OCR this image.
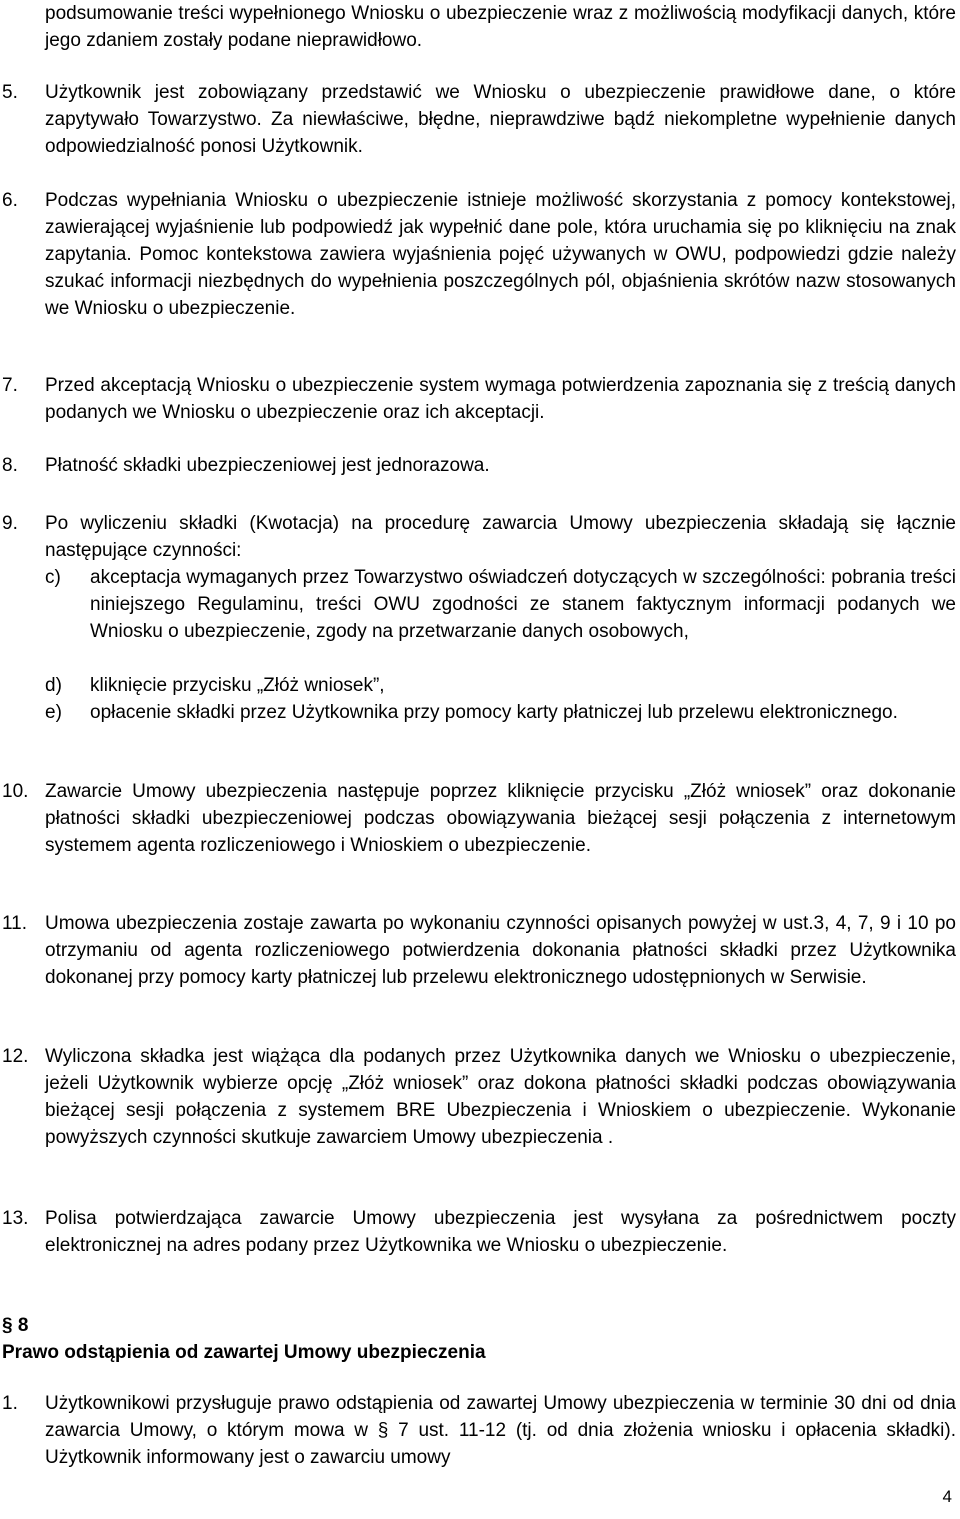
podsumowanie treści wypełnionego Wniosku o ubezpieczenie wraz z możliwością modyfikacji danych, które jego zdaniem zostały podane nieprawidłowo.
5. Użytkownik jest zobowiązany przedstawić we Wniosku o ubezpieczenie prawidłowe dane, o które zapytywało Towarzystwo. Za niewłaściwe, błędne, nieprawdziwe bądź niekompletne wypełnienie danych odpowiedzialność ponosi Użytkownik.
6. Podczas wypełniania Wniosku o ubezpieczenie istnieje możliwość skorzystania z pomocy kontekstowej, zawierającej wyjaśnienie lub podpowiedź jak wypełnić dane pole, która uruchamia się po kliknięciu na znak zapytania. Pomoc kontekstowa zawiera wyjaśnienia pojęć używanych w OWU, podpowiedzi gdzie należy szukać informacji niezbędnych do wypełnienia poszczególnych pól, objaśnienia skrótów nazw stosowanych we Wniosku o ubezpieczenie.
7. Przed akceptacją Wniosku o ubezpieczenie system wymaga potwierdzenia zapoznania się z treścią danych podanych we Wniosku o ubezpieczenie oraz ich akceptacji.
8. Płatność składki ubezpieczeniowej jest jednorazowa.
9. Po wyliczeniu składki (Kwotacja) na procedurę zawarcia Umowy ubezpieczenia składają się łącznie następujące czynności:
c) akceptacja wymaganych przez Towarzystwo oświadczeń dotyczących w szczególności: pobrania treści niniejszego Regulaminu, treści OWU zgodności ze stanem faktycznym informacji podanych we Wniosku o ubezpieczenie, zgody na przetwarzanie danych osobowych,
d) kliknięcie przycisku „Złóż wniosek”,
e) opłacenie składki przez Użytkownika przy pomocy karty płatniczej lub przelewu elektronicznego.
10. Zawarcie Umowy ubezpieczenia następuje poprzez kliknięcie przycisku „Złóż wniosek” oraz dokonanie płatności składki ubezpieczeniowej podczas obowiązywania bieżącej sesji połączenia z internetowym systemem agenta rozliczeniowego i Wnioskiem o ubezpieczenie.
11. Umowa ubezpieczenia zostaje zawarta po wykonaniu czynności opisanych powyżej w ust.3, 4, 7, 9 i 10 po otrzymaniu od agenta rozliczeniowego potwierdzenia dokonania płatności składki przez Użytkownika dokonanej przy pomocy karty płatniczej lub przelewu elektronicznego udostępnionych w Serwisie.
12. Wyliczona składka jest wiążąca dla podanych przez Użytkownika danych we Wniosku o ubezpieczenie, jeżeli Użytkownik wybierze opcję „Złóż wniosek” oraz dokona płatności składki podczas obowiązywania bieżącej sesji połączenia z systemem BRE Ubezpieczenia i Wnioskiem o ubezpieczenie. Wykonanie powyższych czynności skutkuje zawarciem Umowy ubezpieczenia .
13. Polisa potwierdzająca zawarcie Umowy ubezpieczenia jest wysyłana za pośrednictwem poczty elektronicznej na adres podany przez Użytkownika we Wniosku o ubezpieczenie.
§ 8
Prawo odstąpienia od zawartej Umowy ubezpieczenia
1. Użytkownikowi przysługuje prawo odstąpienia od zawartej Umowy ubezpieczenia w terminie 30 dni od dnia zawarcia Umowy, o którym mowa w § 7 ust. 11-12 (tj. od dnia złożenia wniosku i opłacenia składki). Użytkownik informowany jest o zawarciu umowy
4
